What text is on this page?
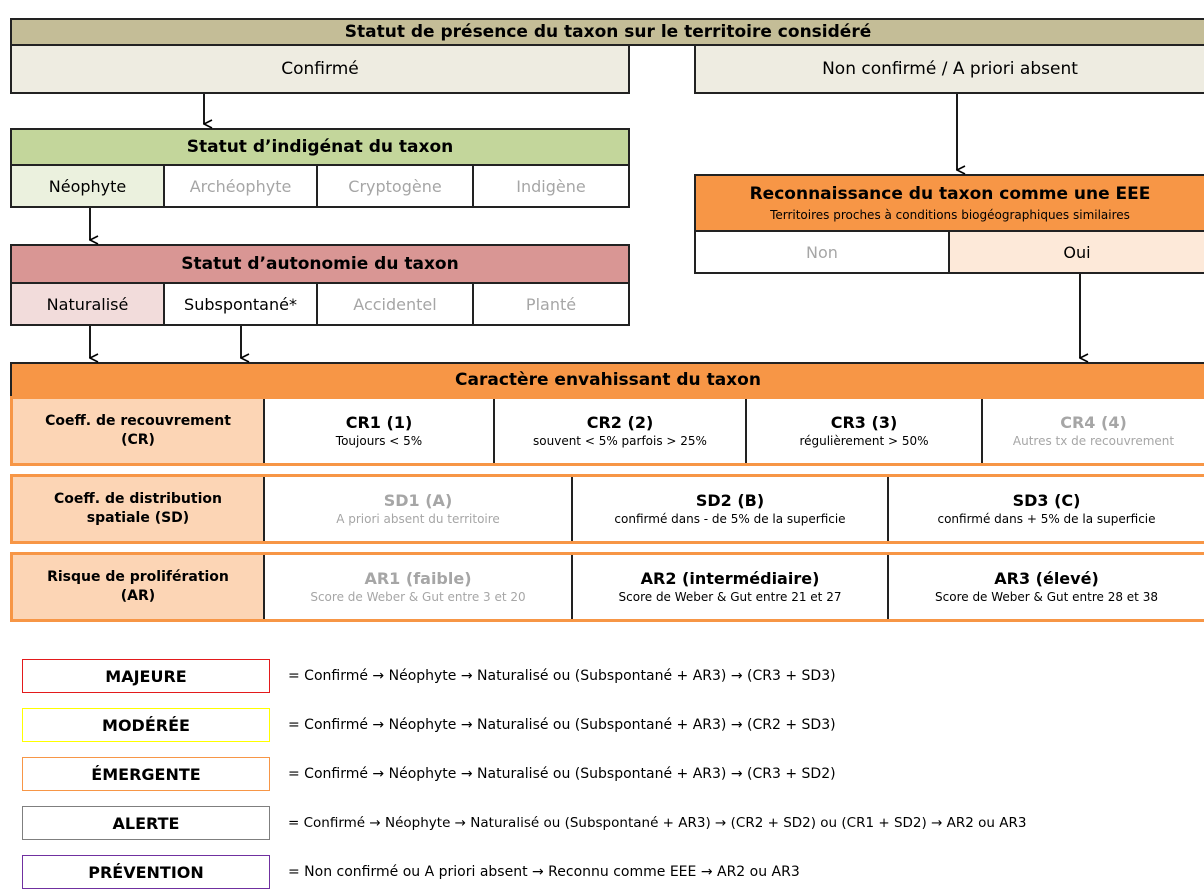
Statut de présence du taxon sur le territoire considéré
Confirmé	Non confirmé / A priori absent
Statut d’indigénat du taxon
Néophyte	Archéophyte	Cryptogène	Indigène
Statut d’autonomie du taxon
Naturalisé	Subspontané*	Accidentel	Planté
Reconnaissance du taxon comme une EEE
Territoires proches à conditions biogéographiques similaires
Non	Oui
Caractère envahissant du taxon
Coeff. de recouvrement (CR)
CR1 (1)
Toujours < 5%
CR2 (2)
souvent < 5% parfois > 25%
CR3 (3)
régulièrement > 50%
CR4 (4)
Autres tx de recouvrement
Coeff. de distribution spatiale (SD)
SD1 (A)
A priori absent du territoire
SD2 (B)
confirmé dans - de 5% de la superficie
SD3 (C)
confirmé dans + 5% de la superficie
Risque de prolifération (AR)
AR1 (faible)
Score de Weber & Gut entre 3 et 20
AR2 (intermédiaire)
Score de Weber & Gut entre 21 et 27
AR3 (élevé)
Score de Weber & Gut entre 28 et 38
MAJEURE	= Confirmé → Néophyte → Naturalisé ou (Subspontané + AR3) → (CR3 + SD3)
MODÉRÉE	= Confirmé → Néophyte → Naturalisé ou (Subspontané + AR3) → (CR2 + SD3)
ÉMERGENTE	= Confirmé → Néophyte → Naturalisé ou (Subspontané + AR3) → (CR3 + SD2)
ALERTE	= Confirmé → Néophyte → Naturalisé ou (Subspontané + AR3) → (CR2 + SD2) ou (CR1 + SD2) → AR2 ou AR3
PRÉVENTION	= Non confirmé ou A priori absent → Reconnu comme EEE → AR2 ou AR3
